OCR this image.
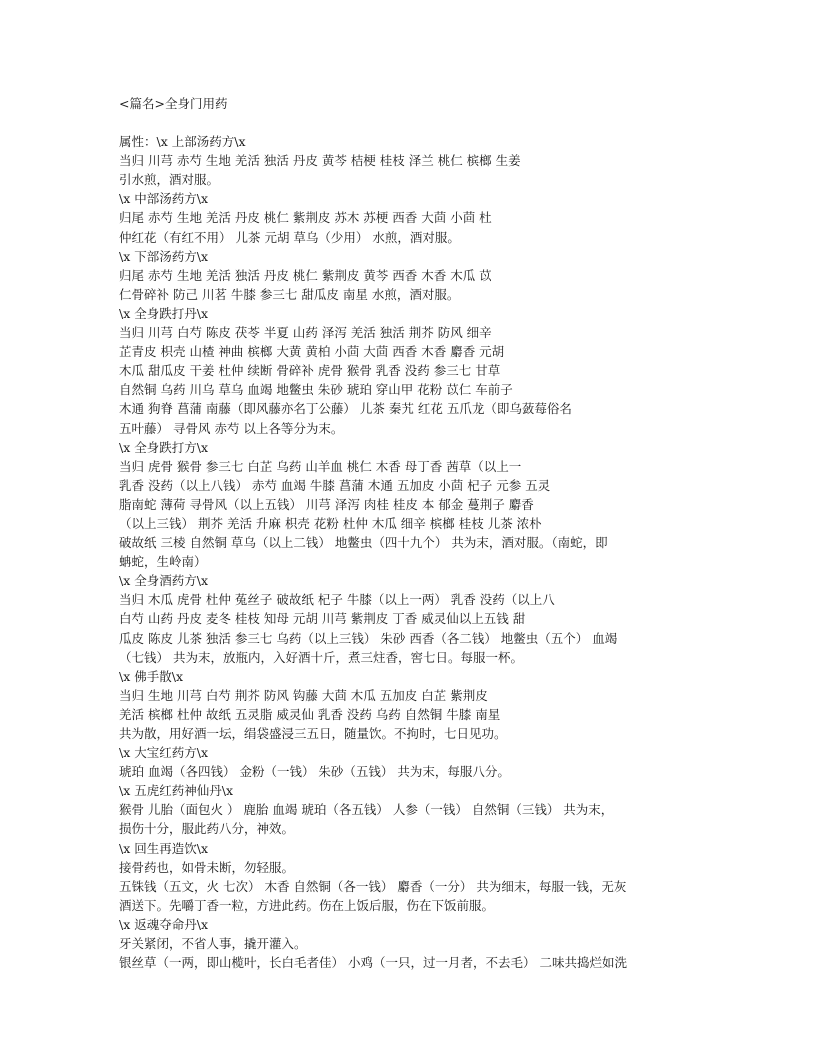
<篇名>全身门用药
属性：\x 上部汤药方\x
当归 川芎 赤芍 生地 羌活 独活 丹皮 黄芩 桔梗 桂枝 泽兰 桃仁 槟榔 生姜
引水煎，酒对服。
\x 中部汤药方\x
归尾 赤芍 生地 羌活 丹皮 桃仁 紫荆皮 苏木 苏梗 西香 大茴 小茴 杜
仲红花（有红不用） 儿茶 元胡 草乌（少用） 水煎，酒对服。
\x 下部汤药方\x
归尾 赤芍 生地 羌活 独活 丹皮 桃仁 紫荆皮 黄芩 西香 木香 木瓜 苡
仁骨碎补 防己 川茗 牛膝 参三七 甜瓜皮 南星 水煎，酒对服。
\x 全身跌打丹\x
当归 川芎 白芍 陈皮 茯苓 半夏 山药 泽泻 羌活 独活 荆芥 防风 细辛
芷青皮 枳壳 山楂 神曲 槟榔 大黄 黄柏 小茴 大茴 西香 木香 麝香 元胡
木瓜 甜瓜皮 干姜 杜仲 续断 骨碎补 虎骨 猴骨 乳香 没药 参三七 甘草
自然铜 乌药 川乌 草乌 血竭 地鳖虫 朱砂 琥珀 穿山甲 花粉 苡仁 车前子
木通 狗脊 菖蒲 南藤（即风藤亦名丁公藤） 儿茶 秦艽 红花 五爪龙（即乌蔹莓俗名
五叶藤） 寻骨风 赤芍 以上各等分为末。
\x 全身跌打方\x
当归 虎骨 猴骨 参三七 白芷 乌药 山羊血 桃仁 木香 母丁香 茜草（以上一
乳香 没药（以上八钱） 赤芍 血竭 牛膝 菖蒲 木通 五加皮 小茴 杞子 元参 五灵
脂南蛇 薄荷 寻骨风（以上五钱） 川芎 泽泻 肉桂 桂皮 本 郁金 蔓荆子 麝香
（以上三钱） 荆芥 羌活 升麻 枳壳 花粉 杜仲 木瓜 细辛 槟榔 桂枝 儿茶 浓朴
破故纸 三棱 自然铜 草乌（以上二钱） 地鳖虫（四十九个） 共为末，酒对服。（南蛇，即
蚺蛇，生岭南）
\x 全身酒药方\x
当归 木瓜 虎骨 杜仲 菟丝子 破故纸 杞子 牛膝（以上一两） 乳香 没药（以上八
白芍 山药 丹皮 麦冬 桂枝 知母 元胡 川芎 紫荆皮 丁香 威灵仙以上五钱 甜
瓜皮 陈皮 儿茶 独活 参三七 乌药（以上三钱） 朱砂 西香（各二钱） 地鳖虫（五个） 血竭
（七钱） 共为末，放瓶内，入好酒十斤，煮三炷香，窖七日。每服一杯。
\x 佛手散\x
当归 生地 川芎 白芍 荆芥 防风 钩藤 大茴 木瓜 五加皮 白芷 紫荆皮
羌活 槟榔 杜仲 故纸 五灵脂 威灵仙 乳香 没药 乌药 自然铜 牛膝 南星
共为散，用好酒一坛，绢袋盛浸三五日，随量饮。不拘时，七日见功。
\x 大宝红药方\x
琥珀 血竭（各四钱） 金粉（一钱） 朱砂（五钱） 共为末，每服八分。
\x 五虎红药神仙丹\x
猴骨 儿胎（面包火 ） 鹿胎 血竭 琥珀（各五钱） 人参（一钱） 自然铜（三钱） 共为末，
损伤十分，服此药八分，神效。
\x 回生再造饮\x
接骨药也，如骨未断，勿轻服。
五铢钱（五文，火 七次） 木香 自然铜（各一钱） 麝香（一分） 共为细末，每服一钱，无灰
酒送下。先嚼丁香一粒，方进此药。伤在上饭后服，伤在下饭前服。
\x 返魂夺命丹\x
牙关紧闭，不省人事，撬开灌入。
银丝草（一两，即山榄叶，长白毛者佳） 小鸡（一只，过一月者，不去毛） 二味共捣烂如洗
